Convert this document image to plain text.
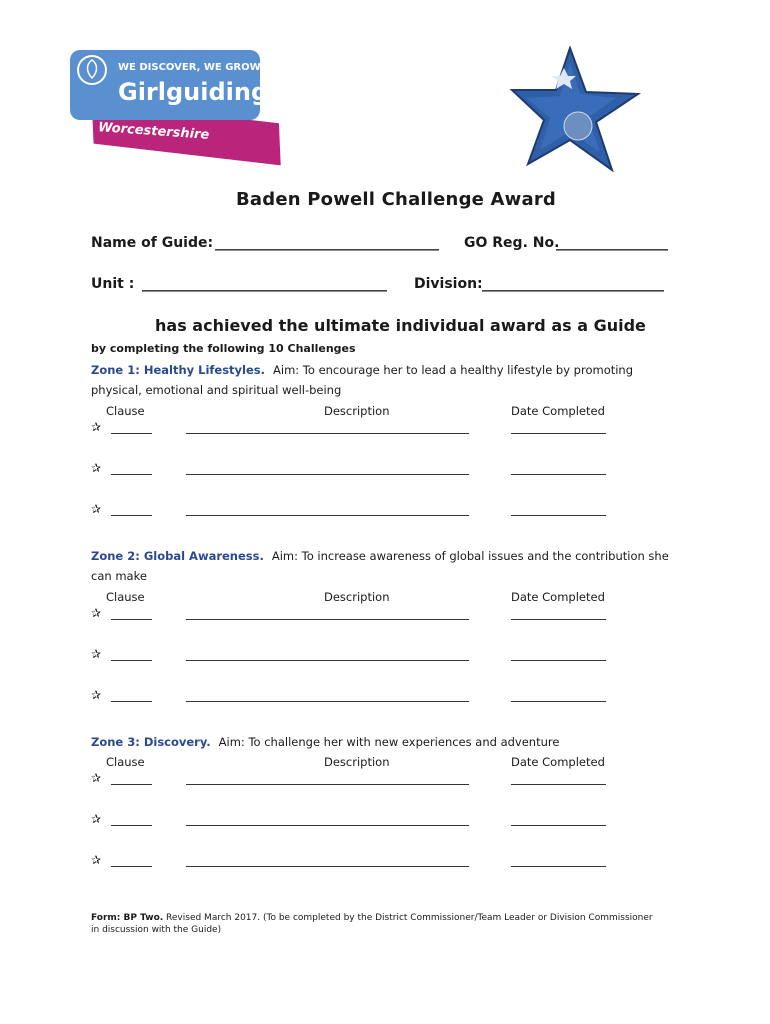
WE DISCOVER, WE GROW
Girlguiding
Worcestershire
Baden Powell Challenge Award
Name of Guide: ________________________________ GO Reg. No.
________________
Unit : ___________________________________ Division: __________________________
has achieved the ultimate individual award as a Guide
by completing the following 10 Challenges
Zone 1: Healthy Lifestyles. Aim: To encourage her to lead a healthy lifestyle by promoting
physical, emotional and spiritual well-being
Clause	Description	Date Completed
✰
✰
✰
Zone 2: Global Awareness. Aim: To increase awareness of global issues and the contribution she
can make
Clause	Description	Date Completed
✰
✰
✰
Zone 3: Discovery. Aim: To challenge her with new experiences and adventure
Clause	Description	Date Completed
✰
✰
✰
Form: BP Two. Revised March 2017. (To be completed by the District Commissioner/Team Leader or Division Commissioner
in discussion with the Guide)
